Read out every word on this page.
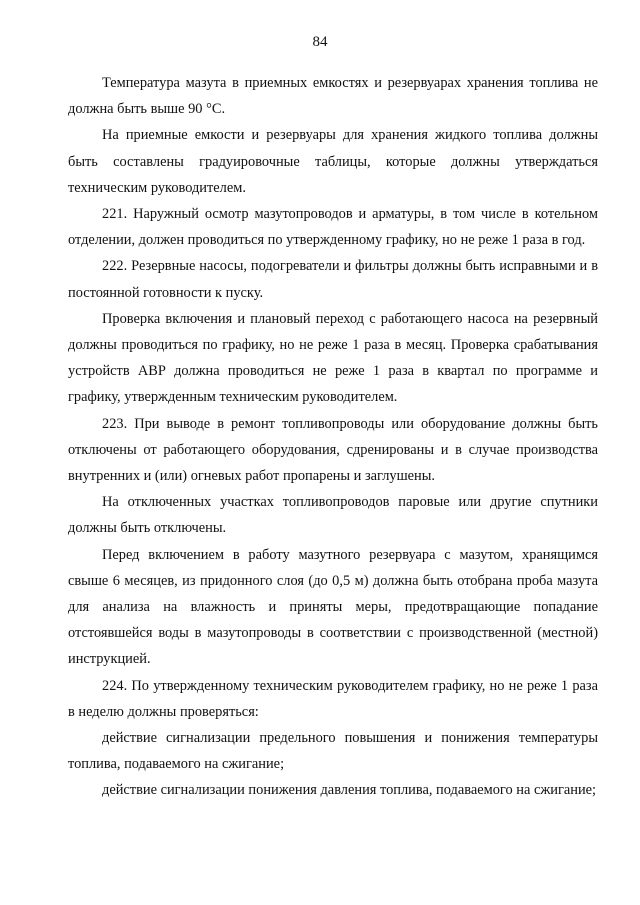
84

Температура мазута в приемных емкостях и резервуарах хранения топлива не должна быть выше 90 °С.

На приемные емкости и резервуары для хранения жидкого топлива должны быть составлены градуировочные таблицы, которые должны утверждаться техническим руководителем.

221. Наружный осмотр мазутопроводов и арматуры, в том числе в котельном отделении, должен проводиться по утвержденному графику, но не реже 1 раза в год.

222. Резервные насосы, подогреватели и фильтры должны быть исправными и в постоянной готовности к пуску.

Проверка включения и плановый переход с работающего насоса на резервный должны проводиться по графику, но не реже 1 раза в месяц. Проверка срабатывания устройств АВР должна проводиться не реже 1 раза в квартал по программе и графику, утвержденным техническим руководителем.

223. При выводе в ремонт топливопроводы или оборудование должны быть отключены от работающего оборудования, сдренированы и в случае производства внутренних и (или) огневых работ пропарены и заглушены.

На отключенных участках топливопроводов паровые или другие спутники должны быть отключены.

Перед включением в работу мазутного резервуара с мазутом, хранящимся свыше 6 месяцев, из придонного слоя (до 0,5 м) должна быть отобрана проба мазута для анализа на влажность и приняты меры, предотвращающие попадание отстоявшейся воды в мазутопроводы в соответствии с производственной (местной) инструкцией.

224. По утвержденному техническим руководителем графику, но не реже 1 раза в неделю должны проверяться:

действие сигнализации предельного повышения и понижения температуры топлива, подаваемого на сжигание;

действие сигнализации понижения давления топлива, подаваемого на сжигание;
